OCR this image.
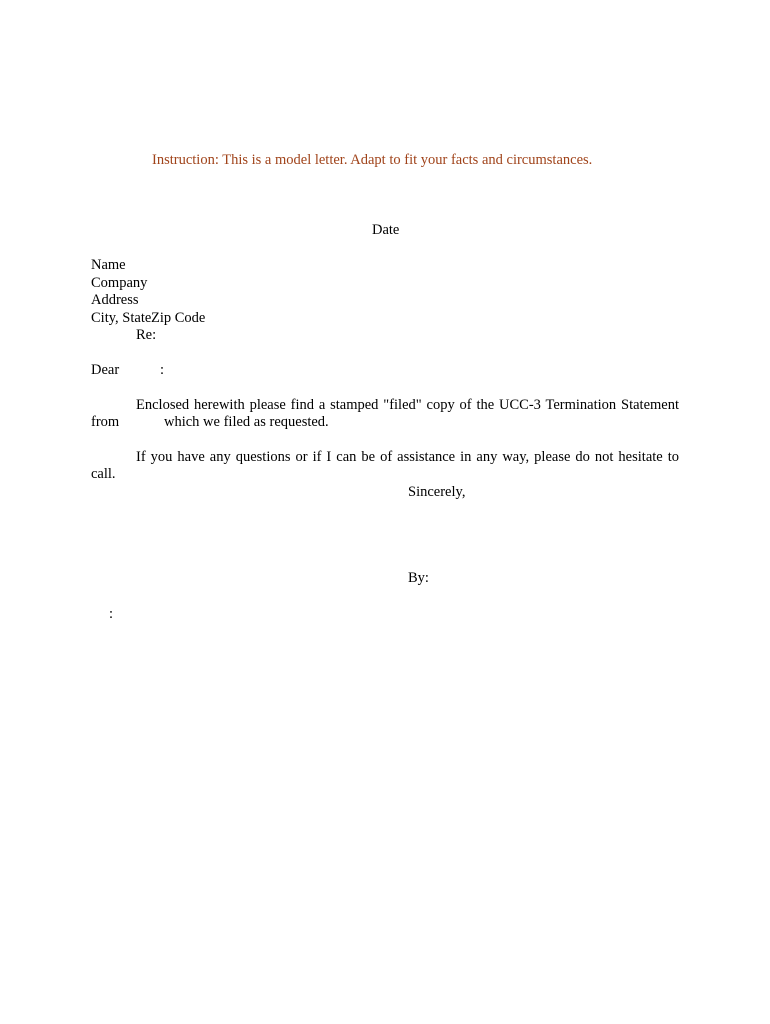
Instruction: This is a model letter. Adapt to fit your facts and circumstances.
Date
Name
Company
Address
City, State Zip Code
Re:
Dear	:
Enclosed herewith please find a stamped "filed" copy of the UCC-3 Termination Statement
from	which we filed as requested.
If you have any questions or if I can be of assistance in any way, please do not hesitate to
call.
Sincerely,
By:
:
